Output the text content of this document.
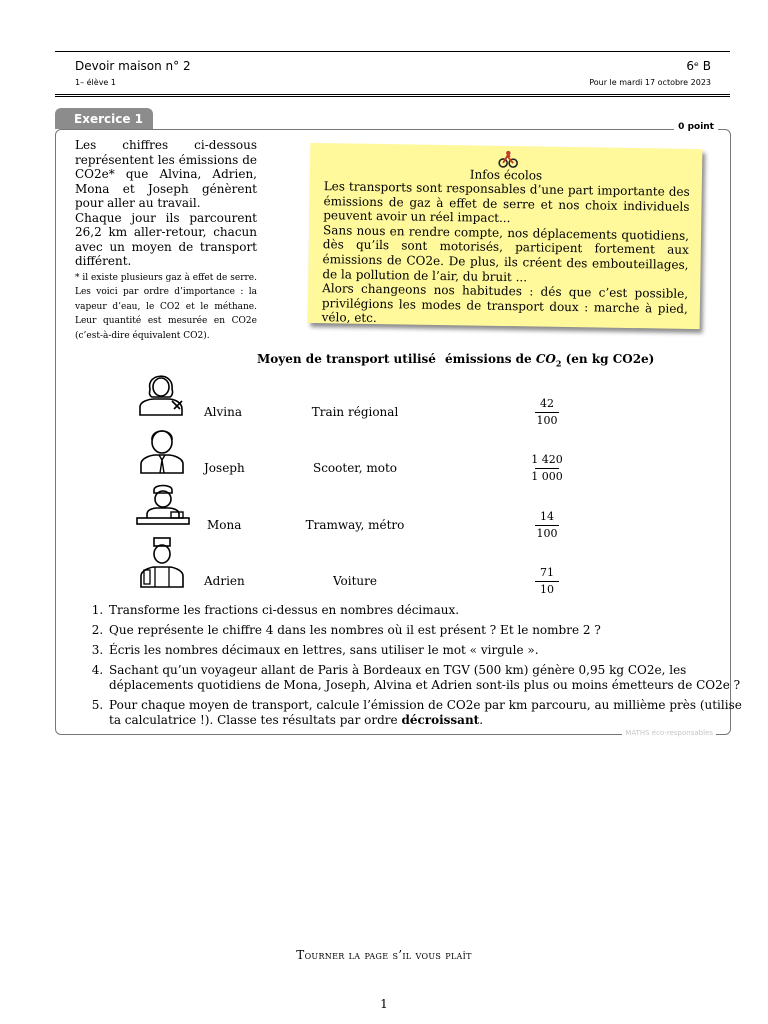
Devoir maison n° 2	6ᵉ B
1– élève 1	Pour le mardi 17 octobre 2023
Exercice 1
0 point
Les chiffres ci-dessous représentent les émissions de CO2e* que Alvina, Adrien, Mona et Joseph génèrent pour aller au travail.
Chaque jour ils parcourent 26,2 km aller-retour, chacun avec un moyen de transport différent.
* il existe plusieurs gaz à effet de serre. Les voici par ordre d’importance : la vapeur d’eau, le CO2 et le méthane. Leur quantité est mesurée en CO2e (c’est-à-dire équivalent CO2).
Infos écolos
Les transports sont responsables d’une part importante des émissions de gaz à effet de serre et nos choix individuels peuvent avoir un réel impact...
Sans nous en rendre compte, nos déplacements quotidiens, dès qu’ils sont motorisés, participent fortement aux émissions de CO2e. De plus, ils créent des embouteillages, de la pollution de l’air, du bruit ...
Alors changeons nos habitudes : dés que c’est possible, privilégions les modes de transport doux : marche à pied, vélo, etc.
Moyen de transport utilisé émissions de $CO_2$ (en kg CO2e)
Alvina	Train régional
42
100
Joseph	Scooter, moto
1 420
1 000
Mona	Tramway, métro
14
100
Adrien	Voiture
71
10
1. Transforme les fractions ci-dessus en nombres décimaux.
2. Que représente le chiffre 4 dans les nombres où il est présent ? Et le nombre 2 ?
3. Écris les nombres décimaux en lettres, sans utiliser le mot « virgule ».
4. Sachant qu’un voyageur allant de Paris à Bordeaux en TGV (500 km) génère 0,95 kg CO2e, les déplacements quotidiens de Mona, Joseph, Alvina et Adrien sont-ils plus ou moins émetteurs de CO2e ?
5. Pour chaque moyen de transport, calcule l’émission de CO2e par km parcouru, au millième près (utilise ta calculatrice !). Classe tes résultats par ordre décroissant.
MATHS éco-responsables
Tourner la page s’il vous plaît
1
